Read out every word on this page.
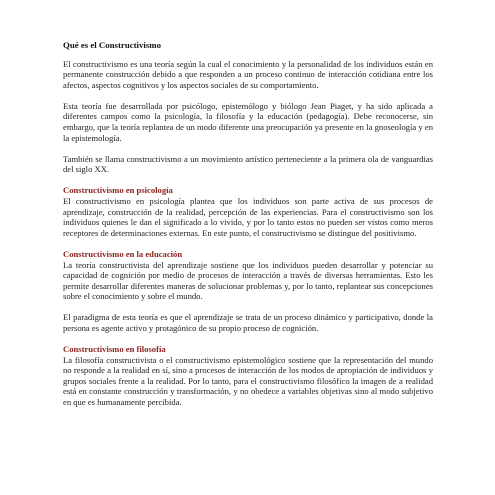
Qué es el Constructivismo

El constructivismo es una teoría según la cual el conocimiento y la personalidad de los individuos están en permanente construcción debido a que responden a un proceso continuo de interacción cotidiana entre los afectos, aspectos cognitivos y los aspectos sociales de su comportamiento.

Esta teoría fue desarrollada por psicólogo, epistemólogo y biólogo Jean Piaget, y ha sido aplicada a diferentes campos como la psicología, la filosofía y la educación (pedagogía). Debe reconocerse, sin embargo, que la teoría replantea de un modo diferente una preocupación ya presente en la gnoseología y en la epistemología.

También se llama constructivismo a un movimiento artístico perteneciente a la primera ola de vanguardias del siglo XX.

Constructivismo en psicología

El constructivismo en psicología plantea que los individuos son parte activa de sus procesos de aprendizaje, construcción de la realidad, percepción de las experiencias. Para el constructivismo son los individuos quienes le dan el significado a lo vivido, y por lo tanto estos no pueden ser vistos como meros receptores de determinaciones externas. En este punto, el constructivismo se distingue del positivismo.

Constructivismo en la educación

La teoría constructivista del aprendizaje sostiene que los individuos pueden desarrollar y potenciar su capacidad de cognición por medio de procesos de interacción a través de diversas herramientas. Esto les permite desarrollar diferentes maneras de solucionar problemas y, por lo tanto, replantear sus concepciones sobre el conocimiento y sobre el mundo.

El paradigma de esta teoría es que el aprendizaje se trata de un proceso dinámico y participativo, donde la persona es agente activo y protagónico de su propio proceso de cognición.

Constructivismo en filosofía

La filosofía constructivista o el constructivismo epistemológico sostiene que la representación del mundo no responde a la realidad en sí, sino a procesos de interacción de los modos de apropiación de individuos y grupos sociales frente a la realidad. Por lo tanto, para el constructivismo filosófico la imagen de a realidad está en constante construcción y transformación, y no obedece a variables objetivas sino al modo subjetivo en que es humanamente percibida.
